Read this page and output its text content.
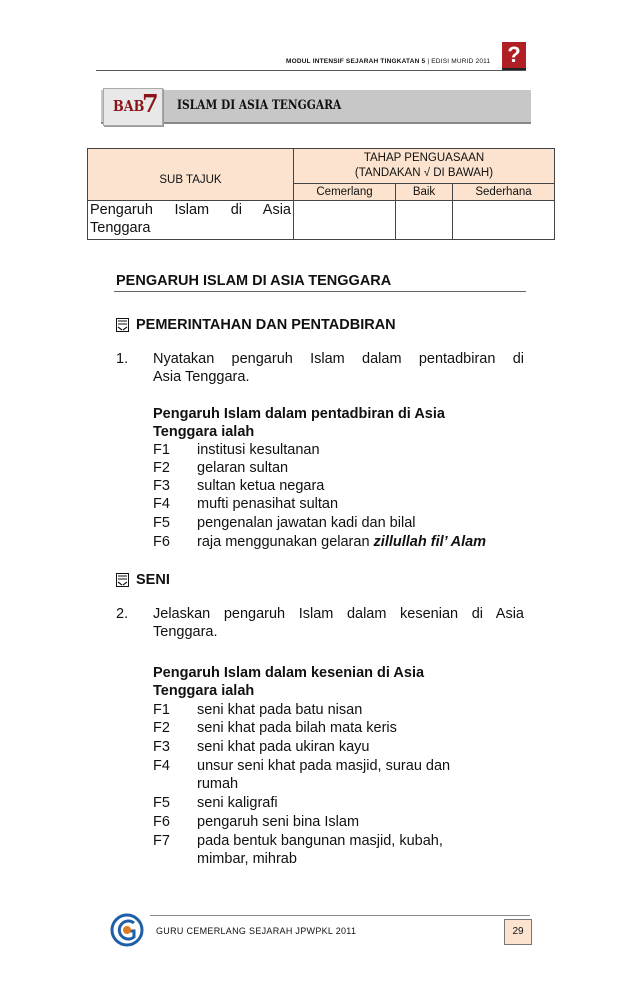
MODUL INTENSIF SEJARAH TINGKATAN 5 | EDISI MURID 2011 ?
BAB
7 ISLAM DI ASIA TENGGARA
SUB TAJUK	TAHAP PENGUASAAN
(TANDAKAN √ DI BAWAH)		

	Cemerlang	Baik	Sederhana
Pengaruh Islam di Asia Tenggara			
PENGARUH ISLAM DI ASIA TENGGARA
PEMERINTAHAN DAN PENTADBIRAN
1. Nyatakan pengaruh Islam dalam pentadbiran di
Asia Tenggara.
Pengaruh Islam dalam pentadbiran di Asia
Tenggara ialah
F1 institusi kesultanan
F2 gelaran sultan
F3 sultan ketua negara
F4 mufti penasihat sultan
F5 pengenalan jawatan kadi dan bilal
F6 raja menggunakan gelaran zillullah fil’ Alam
SENI
2. Jelaskan pengaruh Islam dalam kesenian di Asia
Tenggara.
Pengaruh Islam dalam kesenian di Asia
Tenggara ialah
F1 seni khat pada batu nisan
F2 seni khat pada bilah mata keris
F3 seni khat pada ukiran kayu
F4 unsur seni khat pada masjid, surau dan
rumah
F5 seni kaligrafi
F6 pengaruh seni bina Islam
F7 pada bentuk bangunan masjid, kubah,
mimbar, mihrab
GURU CEMERLANG SEJARAH JPWPKL 2011	29
